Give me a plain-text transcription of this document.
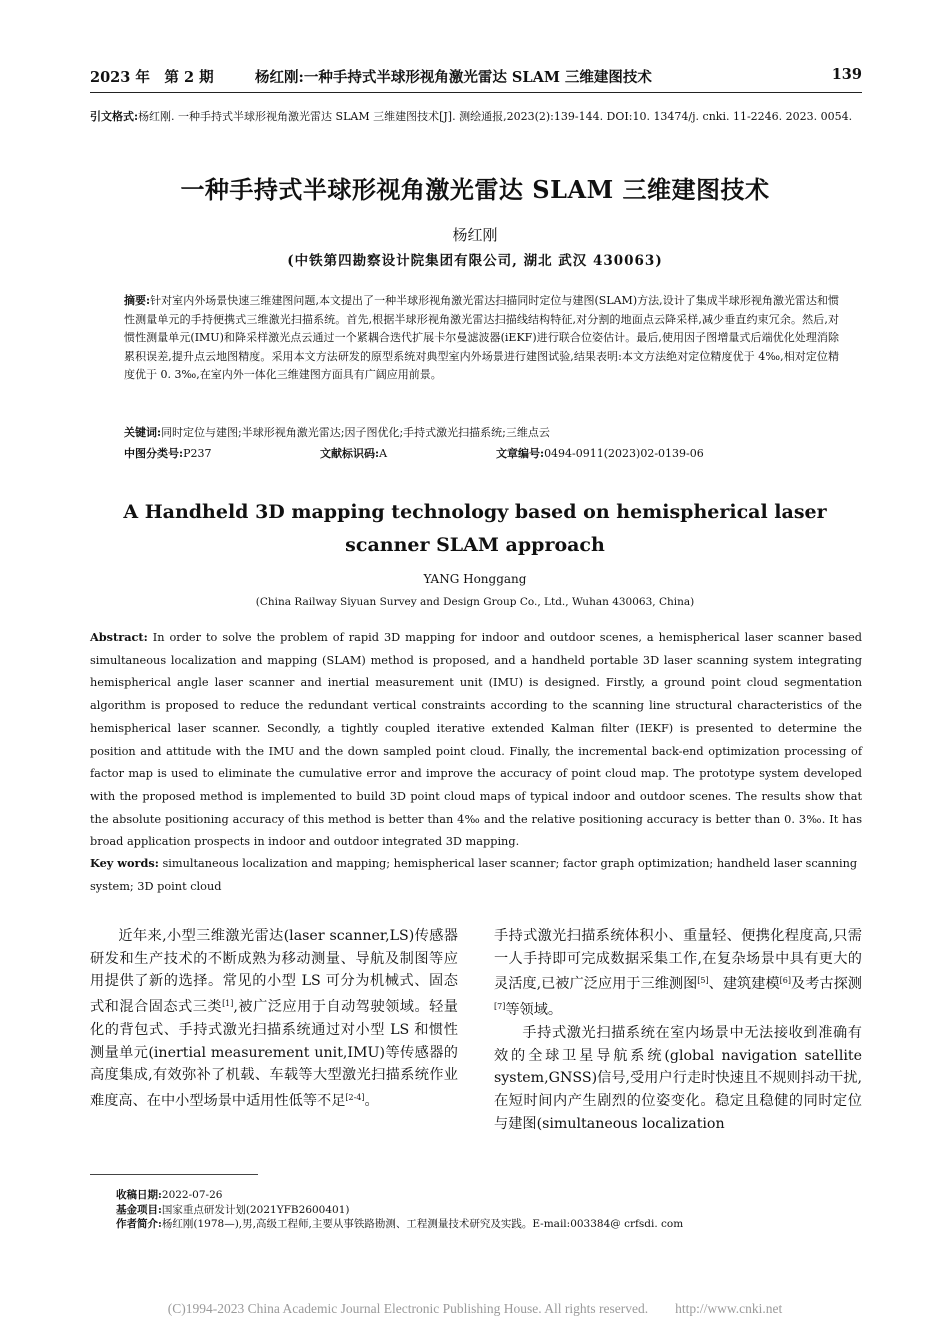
2023 年　第 2 期	杨红刚:一种手持式半球形视角激光雷达 SLAM 三维建图技术	139
引文格式:杨红刚. 一种手持式半球形视角激光雷达 SLAM 三维建图技术[J]. 测绘通报,2023(2):139-144. DOI:10. 13474/j. cnki. 11-2246. 2023. 0054.
一种手持式半球形视角激光雷达 SLAM 三维建图技术
杨红刚
(中铁第四勘察设计院集团有限公司, 湖北 武汉 430063)
摘要:针对室内外场景快速三维建图问题,本文提出了一种半球形视角激光雷达扫描同时定位与建图(SLAM)方法,设计了集成半球形视角激光雷达和惯性测量单元的手持便携式三维激光扫描系统。首先,根据半球形视角激光雷达扫描线结构特征,对分割的地面点云降采样,减少垂直约束冗余。然后,对惯性测量单元(IMU)和降采样激光点云通过一个紧耦合迭代扩展卡尔曼滤波器(iEKF)进行联合位姿估计。最后,使用因子图增量式后端优化处理消除累积误差,提升点云地图精度。采用本文方法研发的原型系统对典型室内外场景进行建图试验,结果表明:本文方法绝对定位精度优于 4‰,相对定位精度优于 0. 3‰,在室内外一体化三维建图方面具有广阔应用前景。
关键词:同时定位与建图;半球形视角激光雷达;因子图优化;手持式激光扫描系统;三维点云
中图分类号:P237	文献标识码:A	文章编号:0494-0911(2023)02-0139-06
A Handheld 3D mapping technology based on hemispherical laser
scanner SLAM approach
YANG Honggang
(China Railway Siyuan Survey and Design Group Co., Ltd., Wuhan 430063, China)
Abstract: In order to solve the problem of rapid 3D mapping for indoor and outdoor scenes, a hemispherical laser scanner based simultaneous localization and mapping (SLAM) method is proposed, and a handheld portable 3D laser scanning system integrating hemispherical angle laser scanner and inertial measurement unit (IMU) is designed. Firstly, a ground point cloud segmentation algorithm is proposed to reduce the redundant vertical constraints according to the scanning line structural characteristics of the hemispherical laser scanner. Secondly, a tightly coupled iterative extended Kalman filter (IEKF) is presented to determine the position and attitude with the IMU and the down sampled point cloud. Finally, the incremental back-end optimization processing of factor map is used to eliminate the cumulative error and improve the accuracy of point cloud map. The prototype system developed with the proposed method is implemented to build 3D point cloud maps of typical indoor and outdoor scenes. The results show that the absolute positioning accuracy of this method is better than 4‰ and the relative positioning accuracy is better than 0. 3‰. It has broad application prospects in indoor and outdoor integrated 3D mapping.
Key words: simultaneous localization and mapping; hemispherical laser scanner; factor graph optimization; handheld laser scanning system; 3D point cloud

近年来,小型三维激光雷达(laser scanner,LS)传感器研发和生产技术的不断成熟为移动测量、导航及制图等应用提供了新的选择。常见的小型 LS 可分为机械式、固态式和混合固态式三类[1],被广泛应用于自动驾驶领域。轻量化的背包式、手持式激光扫描系统通过对小型 LS 和惯性测量单元(inertial measurement unit,IMU)等传感器的高度集成,有效弥补了机载、车载等大型激光扫描系统作业难度高、在中小型场景中适用性低等不足[2-4]。

手持式激光扫描系统体积小、重量轻、便携化程度高,只需一人手持即可完成数据采集工作,在复杂场景中具有更大的灵活度,已被广泛应用于三维测图[5]、建筑建模[6]及考古探测[7]等领域。

手持式激光扫描系统在室内场景中无法接收到准确有效的全球卫星导航系统(global navigation satellite system,GNSS)信号,受用户行走时快速且不规则抖动干扰,在短时间内产生剧烈的位姿变化。稳定且稳健的同时定位与建图(simultaneous localization

收稿日期:2022-07-26
基金项目:国家重点研发计划(2021YFB2600401)
作者简介:杨红刚(1978—),男,高级工程师,主要从事铁路勘测、工程测量技术研究及实践。E-mail:003384@ crfsdi. com
(C)1994-2023 China Academic Journal Electronic Publishing House. All rights reserved.　　http://www.cnki.net
